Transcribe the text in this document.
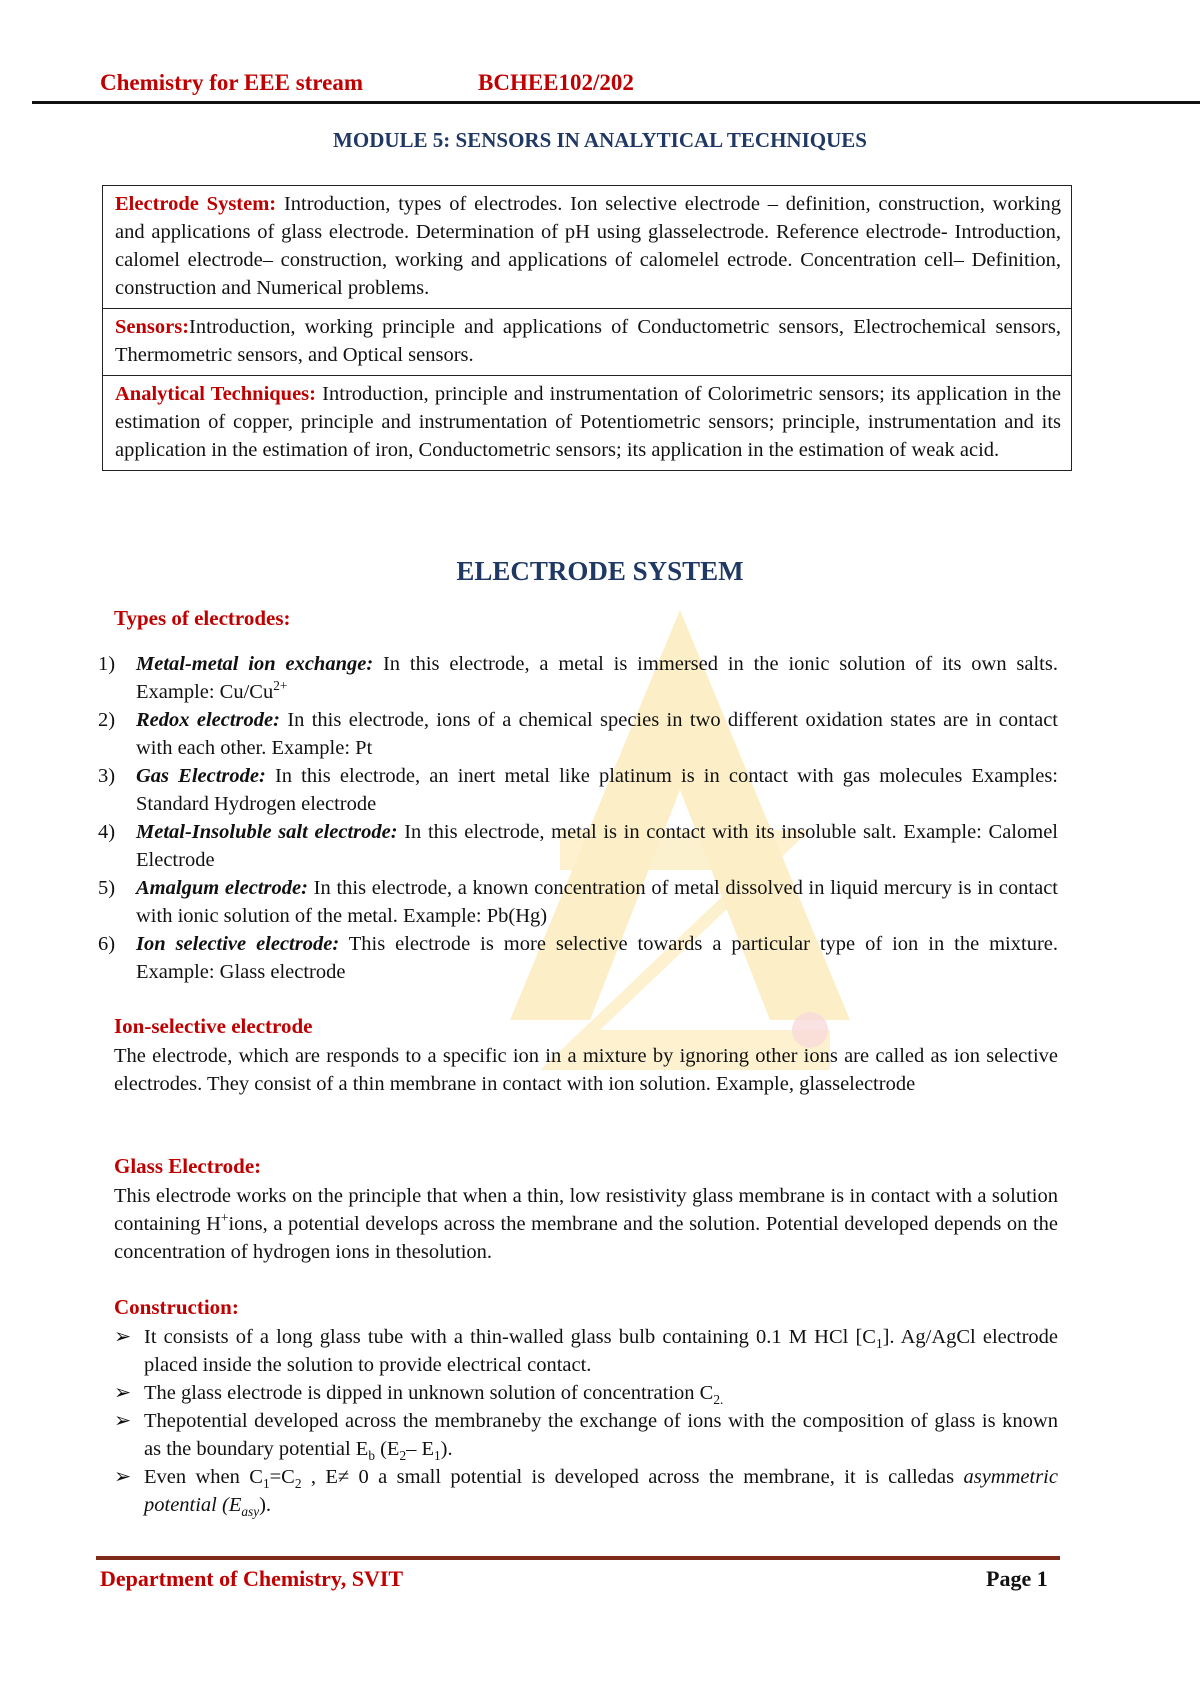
Chemistry for EEE stream	BCHEE102/202
MODULE 5: SENSORS IN ANALYTICAL TECHNIQUES
Electrode System: Introduction, types of electrodes. Ion selective electrode – definition, construction, working and applications of glass electrode. Determination of pH using glasselectrode. Reference electrode- Introduction, calomel electrode– construction, working and applications of calomelel ectrode. Concentration cell– Definition, construction and Numerical problems.
Sensors:Introduction, working principle and applications of Conductometric sensors, Electrochemical sensors, Thermometric sensors, and Optical sensors.
Analytical Techniques: Introduction, principle and instrumentation of Colorimetric sensors; its application in the estimation of copper, principle and instrumentation of Potentiometric sensors; principle, instrumentation and its application in the estimation of iron, Conductometric sensors; its application in the estimation of weak acid.
ELECTRODE SYSTEM
Types of electrodes:
1) Metal-metal ion exchange: In this electrode, a metal is immersed in the ionic solution of its own salts. Example: $Cu/Cu^{2+}$
2) Redox electrode: In this electrode, ions of a chemical species in two different oxidation states are in contact with each other. Example: Pt
3) Gas Electrode: In this electrode, an inert metal like platinum is in contact with gas molecules Examples: Standard Hydrogen electrode
4) Metal-Insoluble salt electrode: In this electrode, metal is in contact with its insoluble salt. Example: Calomel Electrode
5) Amalgum electrode: In this electrode, a known concentration of metal dissolved in liquid mercury is in contact with ionic solution of the metal. Example: Pb(Hg)
6) Ion selective electrode: This electrode is more selective towards a particular type of ion in the mixture. Example: Glass electrode
Ion-selective electrode
The electrode, which are responds to a specific ion in a mixture by ignoring other ions are called as ion selective electrodes. They consist of a thin membrane in contact with ion solution. Example, glasselectrode
Glass Electrode:
This electrode works on the principle that when a thin, low resistivity glass membrane is in contact with a solution containing H+ions, a potential develops across the membrane and the solution. Potential developed depends on the concentration of hydrogen ions in thesolution.
Construction:
➢ It consists of a long glass tube with a thin-walled glass bulb containing 0.1 M HCl $[C_1]$. Ag/AgCl electrode placed inside the solution to provide electrical contact.
➢ The glass electrode is dipped in unknown solution of concentration $C_{2.}$
➢ Thepotential developed across the membraneby the exchange of ions with the composition of glass is known as the boundary potential $E_b$ ($E_2-$ $E_1$).
➢ Even when $C_1=C_2$ , E≠ 0 a small potential is developed across the membrane, it is calledas asymmetric potential $(E_{asy})$.
Department of Chemistry, SVIT	Page 1
